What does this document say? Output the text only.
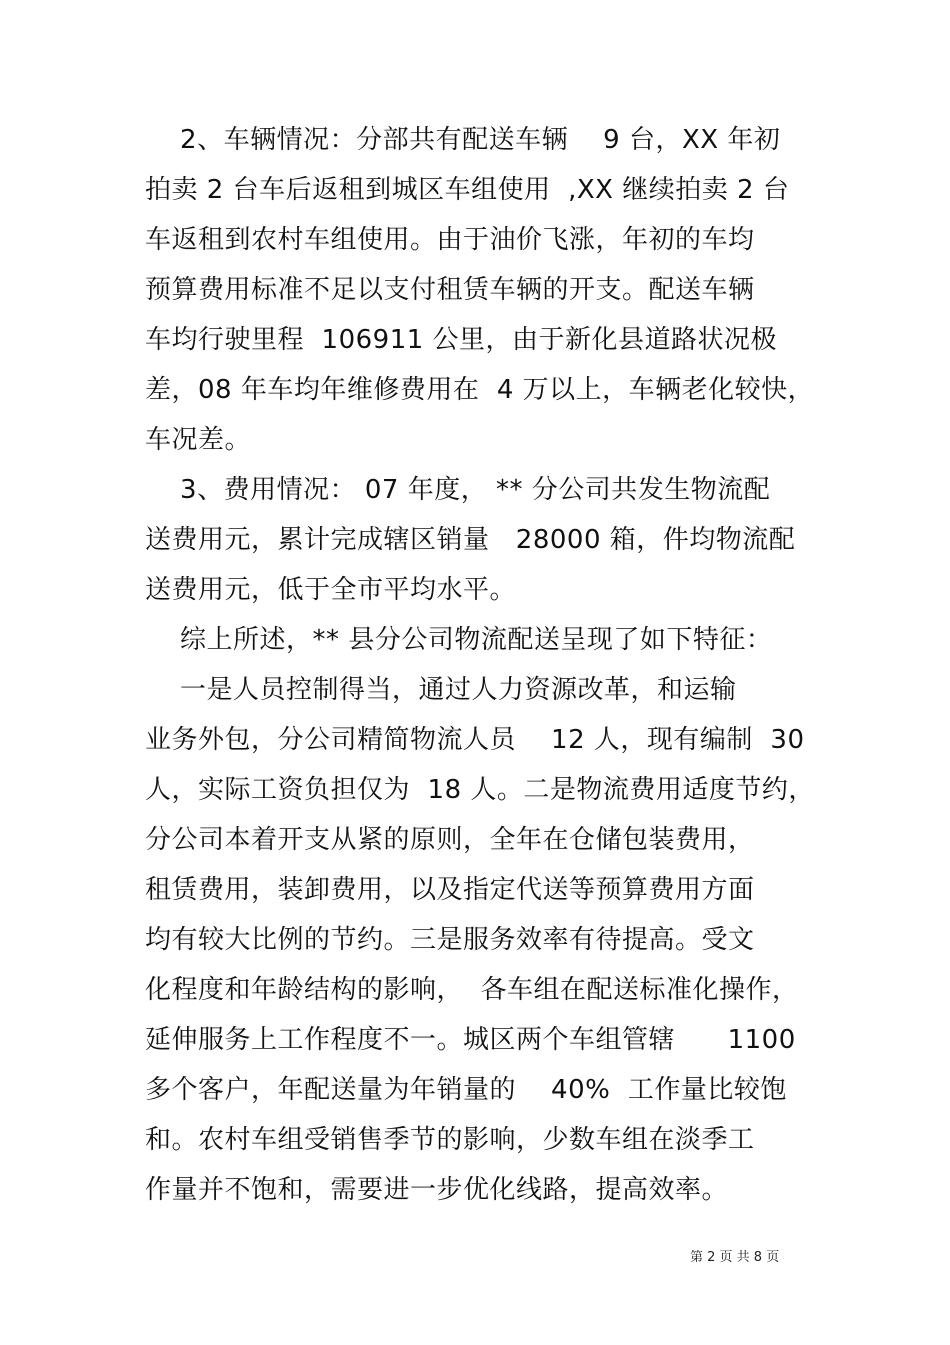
2、车辆情况：分部共有配送车辆    9 台，XX 年初
拍卖 2 台车后返租到城区车组使用  ,XX 继续拍卖 2 台
车返租到农村车组使用。由于油价飞涨，年初的车均
预算费用标准不足以支付租赁车辆的开支。配送车辆
车均行驶里程  106911 公里，由于新化县道路状况极
差，08 年车均年维修费用在  4 万以上，车辆老化较快，
车况差。
3、费用情况： 07 年度， ** 分公司共发生物流配
送费用元，累计完成辖区销量   28000 箱，件均物流配
送费用元，低于全市平均水平。
综上所述，** 县分公司物流配送呈现了如下特征：
一是人员控制得当，通过人力资源改革，和运输
业务外包，分公司精简物流人员    12 人，现有编制  30
人，实际工资负担仅为  18 人。二是物流费用适度节约，
分公司本着开支从紧的原则，全年在仓储包装费用，
租赁费用，装卸费用，以及指定代送等预算费用方面
均有较大比例的节约。三是服务效率有待提高。受文
化程度和年龄结构的影响，  各车组在配送标准化操作，
延伸服务上工作程度不一。城区两个车组管辖      1100
多个客户，年配送量为年销量的    40%  工作量比较饱
和。农村车组受销售季节的影响，少数车组在淡季工
作量并不饱和，需要进一步优化线路，提高效率。
第 2 页 共 8 页
